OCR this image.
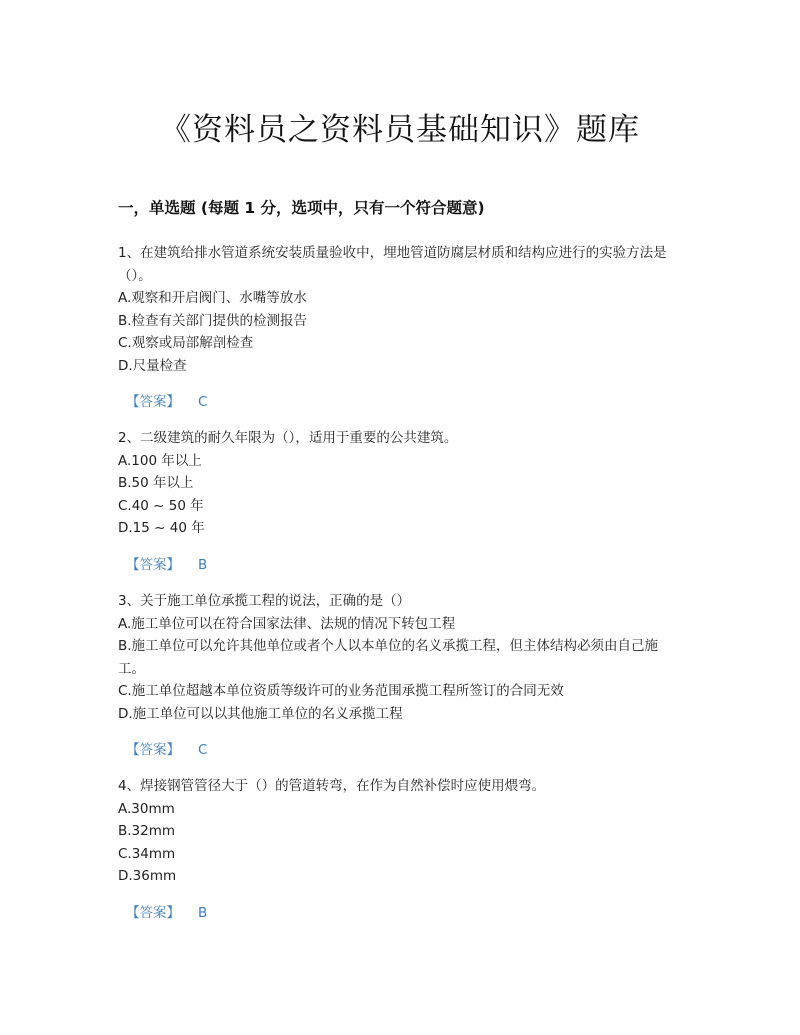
《资料员之资料员基础知识》题库
一，单选题 (每题 1 分，选项中，只有一个符合题意)

1、在建筑给排水管道系统安装质量验收中，埋地管道防腐层材质和结构应进行的实验方法是（）。

A.观察和开启阀门、水嘴等放水

B.检查有关部门提供的检测报告

C.观察或局部解剖检查

D.尺量检查

【答案】 C

2、二级建筑的耐久年限为（），适用于重要的公共建筑。

A.100 年以上

B.50 年以上

C.40 ~ 50 年

D.15 ~ 40 年

【答案】 B

3、关于施工单位承揽工程的说法，正确的是（）

A.施工单位可以在符合国家法律、法规的情况下转包工程

B.施工单位可以允许其他单位或者个人以本单位的名义承揽工程，但主体结构必须由自己施工。

C.施工单位超越本单位资质等级许可的业务范围承揽工程所签订的合同无效

D.施工单位可以以其他施工单位的名义承揽工程

【答案】 C

4、焊接钢管管径大于（）的管道转弯，在作为自然补偿时应使用煨弯。

A.30mm

B.32mm

C.34mm

D.36mm

【答案】 B
